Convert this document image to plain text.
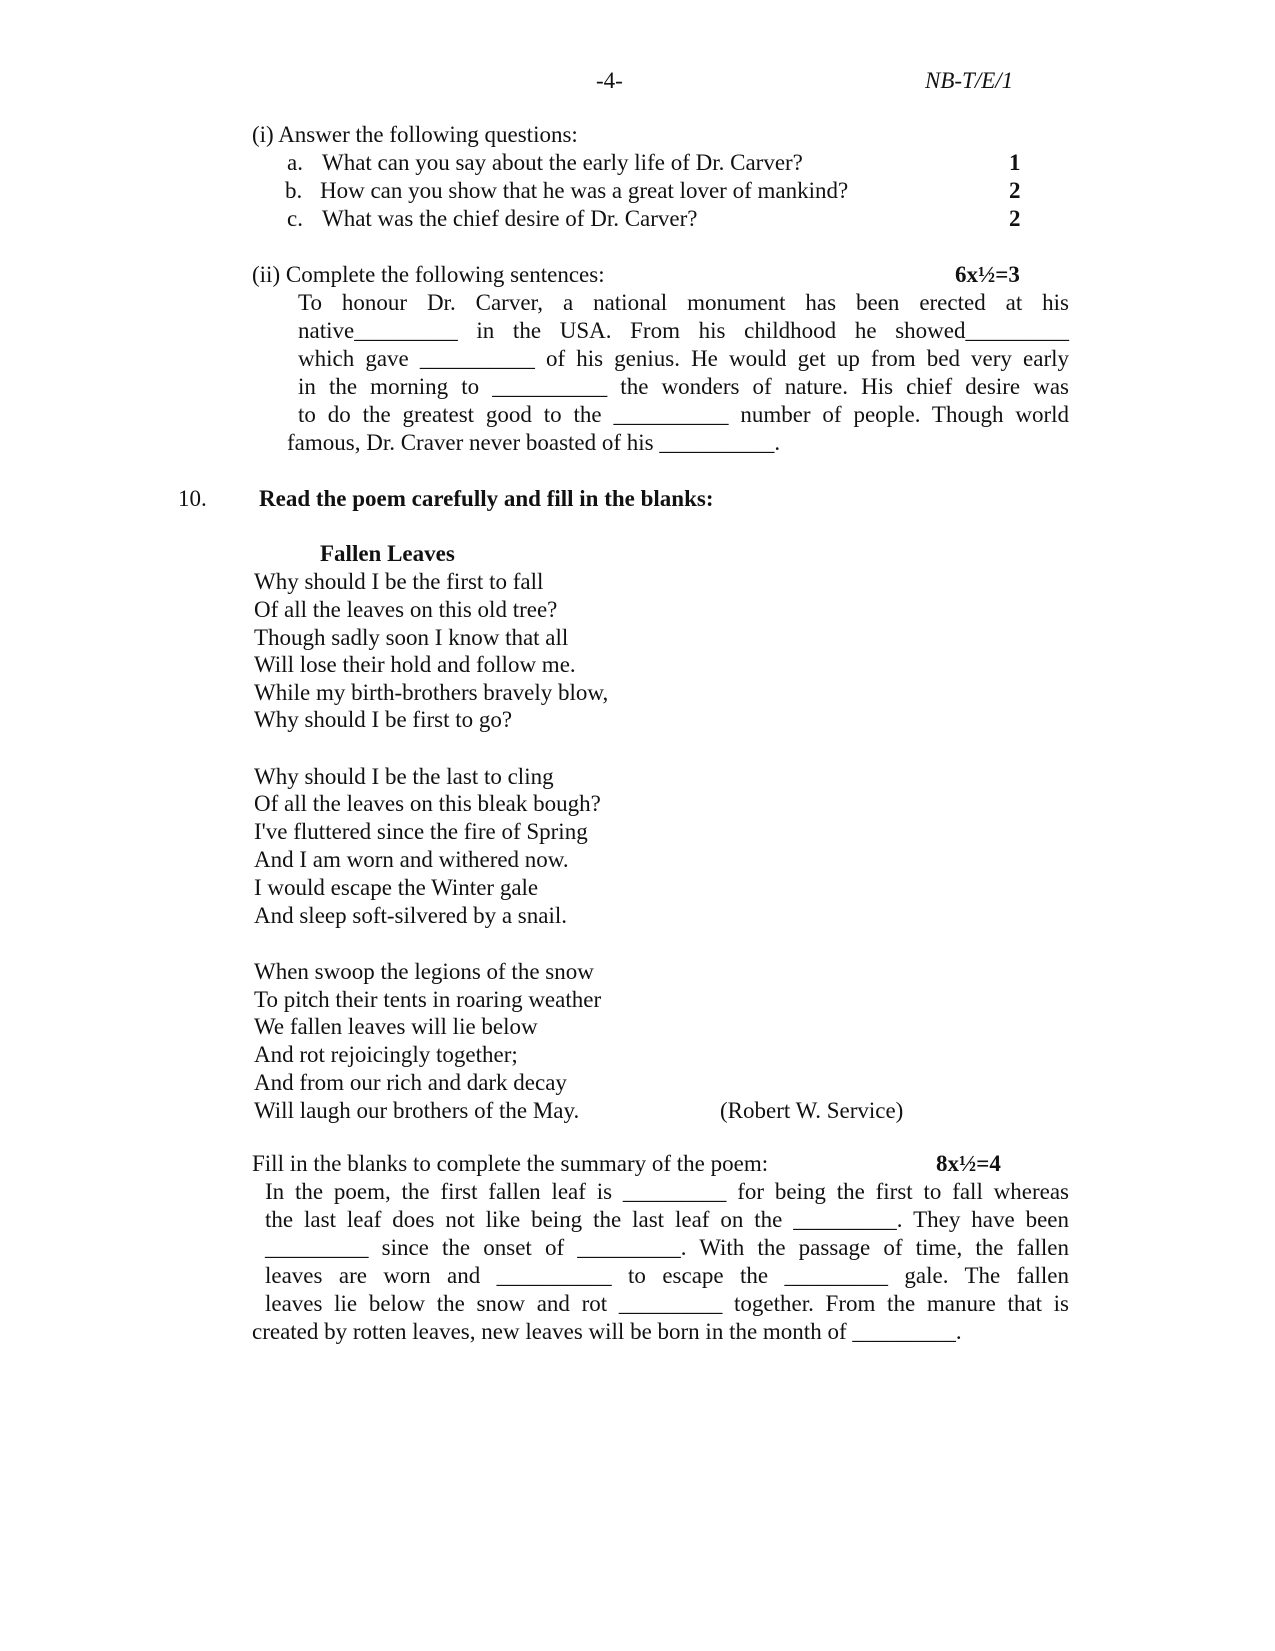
-4-	NB-T/E/1
(i) Answer the following questions:
a. What can you say about the early life of Dr. Carver?	1
b. How can you show that he was a great lover of mankind?	2
c. What was the chief desire of Dr. Carver?	2
(ii) Complete the following sentences:	6x½=3
To honour Dr. Carver, a national monument has been erected at his
native_________ in the USA. From his childhood he showed_________
which gave __________ of his genius. He would get up from bed very early
in the morning to __________ the wonders of nature. His chief desire was
to do the greatest good to the __________ number of people. Though world
famous, Dr. Craver never boasted of his __________.
10. Read the poem carefully and fill in the blanks:
Fallen Leaves
Why should I be the first to fall
Of all the leaves on this old tree?
Though sadly soon I know that all
Will lose their hold and follow me.
While my birth-brothers bravely blow,
Why should I be first to go?
Why should I be the last to cling
Of all the leaves on this bleak bough?
I've fluttered since the fire of Spring
And I am worn and withered now.
I would escape the Winter gale
And sleep soft-silvered by a snail.
When swoop the legions of the snow
To pitch their tents in roaring weather
We fallen leaves will lie below
And rot rejoicingly together;
And from our rich and dark decay
Will laugh our brothers of the May.	(Robert W. Service)
Fill in the blanks to complete the summary of the poem:	8x½=4
In the poem, the first fallen leaf is _________ for being the first to fall whereas
the last leaf does not like being the last leaf on the _________. They have been
_________ since the onset of _________. With the passage of time, the fallen
leaves are worn and __________ to escape the _________ gale. The fallen
leaves lie below the snow and rot _________ together. From the manure that is
created by rotten leaves, new leaves will be born in the month of _________.
